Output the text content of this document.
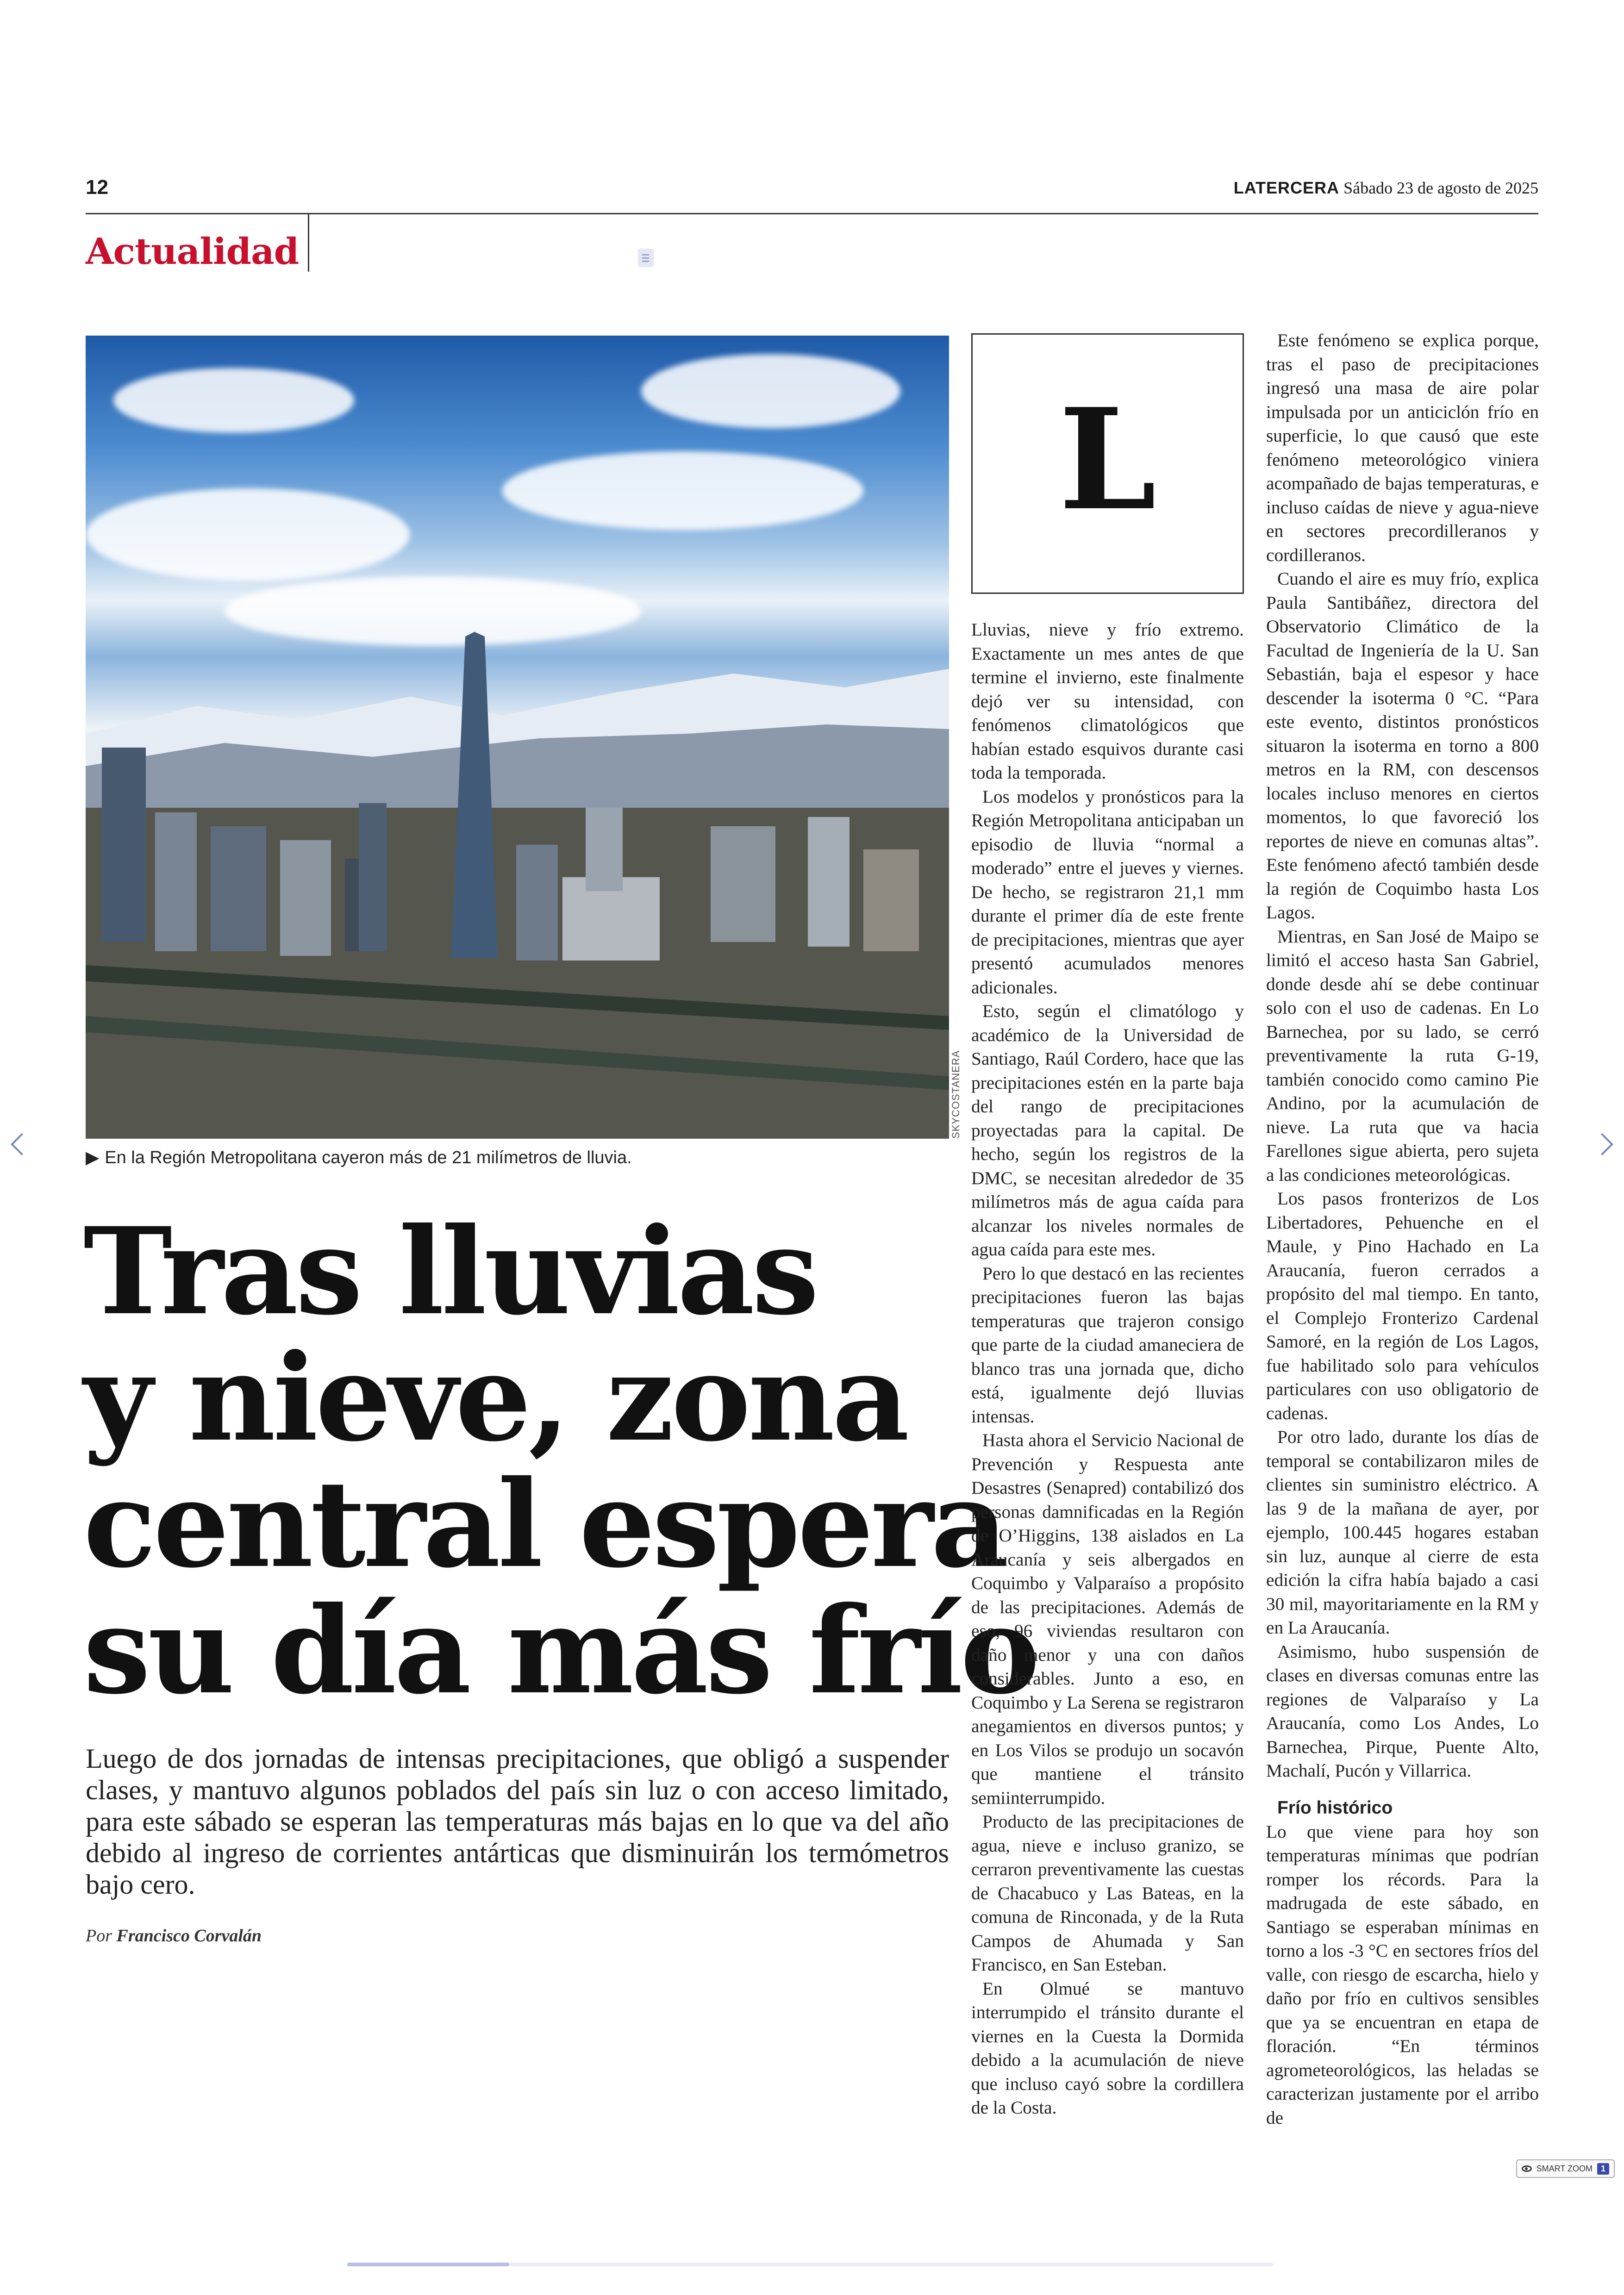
12	LATERCERA Sábado 23 de agosto de 2025
Actualidad
SKYCOSTANERA
▶ En la Región Metropolitana cayeron más de 21 milímetros de lluvia.
Tras lluvias
y nieve, zona
central espera
su día más frío

Luego de dos jornadas de intensas precipitaciones, que obligó a suspender clases, y mantuvo algunos poblados del país sin luz o con acceso limitado, para este sábado se esperan las temperaturas más bajas en lo que va del año debido al ingreso de corrientes antárticas que disminuirán los termómetros bajo cero.

Por Francisco Corvalán
L

Lluvias, nieve y frío extremo. Exactamente un mes antes de que termine el invierno, este finalmente dejó ver su intensidad, con fenómenos climatológicos que habían estado esquivos durante casi toda la temporada.

Los modelos y pronósticos para la Región Metropolitana anticipaban un episodio de lluvia “normal a moderado” entre el jueves y viernes. De hecho, se registraron 21,1 mm durante el primer día de este frente de precipitaciones, mientras que ayer presentó acumulados menores adicionales.

Esto, según el climatólogo y académico de la Universidad de Santiago, Raúl Cordero, hace que las precipitaciones estén en la parte baja del rango de precipitaciones proyectadas para la capital. De hecho, según los registros de la DMC, se necesitan alrededor de 35 milímetros más de agua caída para alcanzar los niveles normales de agua caída para este mes.

Pero lo que destacó en las recientes precipitaciones fueron las bajas temperaturas que trajeron consigo que parte de la ciudad amaneciera de blanco tras una jornada que, dicho está, igualmente dejó lluvias intensas.

Hasta ahora el Servicio Nacional de Prevención y Respuesta ante Desastres (Senapred) contabilizó dos personas damnificadas en la Región de O’Higgins, 138 aislados en La Araucanía y seis albergados en Coquimbo y Valparaíso a propósito de las precipitaciones. Además de eso, 96 viviendas resultaron con daño menor y una con daños considerables. Junto a eso, en Coquimbo y La Serena se registraron anegamientos en diversos puntos; y en Los Vilos se produjo un socavón que mantiene el tránsito semiinterrumpido.

Producto de las precipitaciones de agua, nieve e incluso granizo, se cerraron preventivamente las cuestas de Chacabuco y Las Bateas, en la comuna de Rinconada, y de la Ruta Campos de Ahumada y San Francisco, en San Esteban.

En Olmué se mantuvo interrumpido el tránsito durante el viernes en la Cuesta la Dormida debido a la acumulación de nieve que incluso cayó sobre la cordillera de la Costa.

Este fenómeno se explica porque, tras el paso de precipitaciones ingresó una masa de aire polar impulsada por un anticiclón frío en superficie, lo que causó que este fenómeno meteorológico viniera acompañado de bajas temperaturas, e incluso caídas de nieve y agua-nieve en sectores precordilleranos y cordilleranos.

Cuando el aire es muy frío, explica Paula Santibáñez, directora del Observatorio Climático de la Facultad de Ingeniería de la U. San Sebastián, baja el espesor y hace descender la isoterma 0 °C. “Para este evento, distintos pronósticos situaron la isoterma en torno a 800 metros en la RM, con descensos locales incluso menores en ciertos momentos, lo que favoreció los reportes de nieve en comunas altas”. Este fenómeno afectó también desde la región de Coquimbo hasta Los Lagos.

Mientras, en San José de Maipo se limitó el acceso hasta San Gabriel, donde desde ahí se debe continuar solo con el uso de cadenas. En Lo Barnechea, por su lado, se cerró preventivamente la ruta G-19, también conocido como camino Pie Andino, por la acumulación de nieve. La ruta que va hacia Farellones sigue abierta, pero sujeta a las condiciones meteorológicas.

Los pasos fronterizos de Los Libertadores, Pehuenche en el Maule, y Pino Hachado en La Araucanía, fueron cerrados a propósito del mal tiempo. En tanto, el Complejo Fronterizo Cardenal Samoré, en la región de Los Lagos, fue habilitado solo para vehículos particulares con uso obligatorio de cadenas.

Por otro lado, durante los días de temporal se contabilizaron miles de clientes sin suministro eléctrico. A las 9 de la mañana de ayer, por ejemplo, 100.445 hogares estaban sin luz, aunque al cierre de esta edición la cifra había bajado a casi 30 mil, mayoritariamente en la RM y en La Araucanía.

Asimismo, hubo suspensión de clases en diversas comunas entre las regiones de Valparaíso y La Araucanía, como Los Andes, Lo Barnechea, Pirque, Puente Alto, Machalí, Pucón y Villarrica.

Frío histórico

Lo que viene para hoy son temperaturas mínimas que podrían romper los récords. Para la madrugada de este sábado, en Santiago se esperaban mínimas en torno a los -3 °C en sectores fríos del valle, con riesgo de escarcha, hielo y daño por frío en cultivos sensibles que ya se encuentran en etapa de floración. “En términos agrometeorológicos, las heladas se caracterizan justamente por el arribo de

SMART ZOOM	1
